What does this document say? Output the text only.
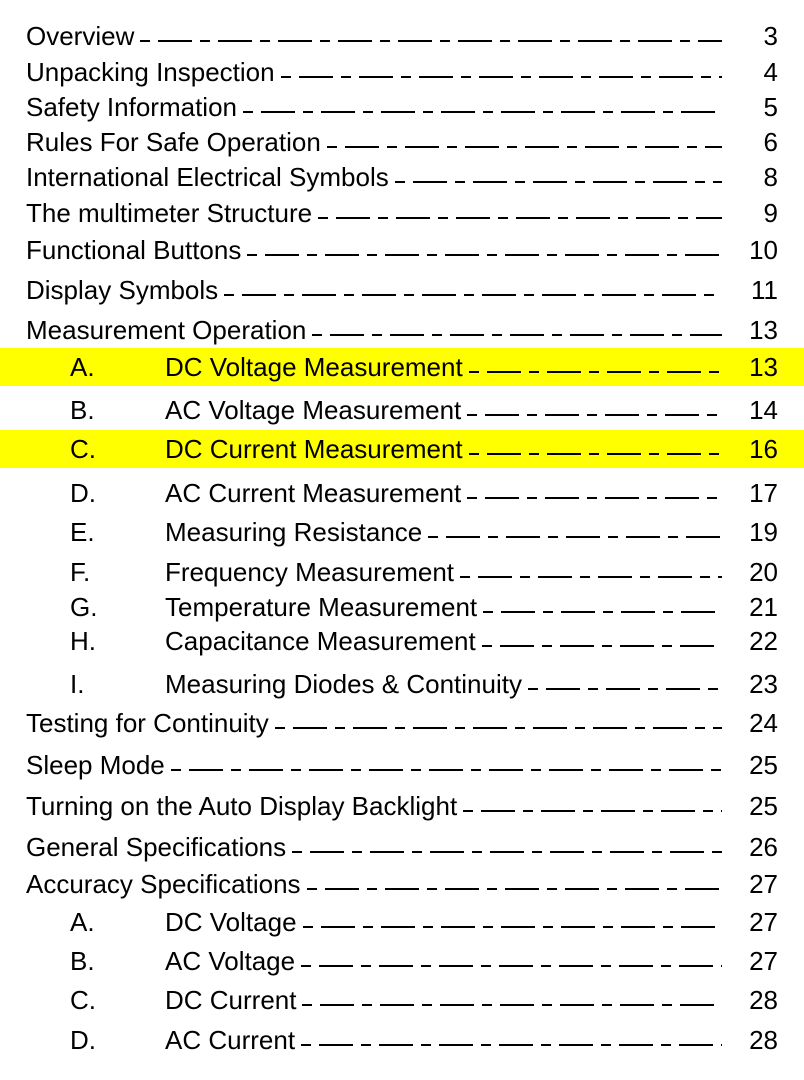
Overview	3
Unpacking Inspection	4
Safety Information	5
Rules For Safe Operation	6
International Electrical Symbols	8
The multimeter Structure	9
Functional Buttons	10
Display Symbols	11
Measurement Operation	13
A.	DC Voltage Measurement	13
B.	AC Voltage Measurement	14
C.	DC Current Measurement	16
D.	AC Current Measurement	17
E.	Measuring Resistance	19
F.	Frequency Measurement	20
G.	Temperature Measurement	21
H.	Capacitance Measurement	22
I.	Measuring Diodes & Continuity	23
Testing for Continuity	24
Sleep Mode	25
Turning on the Auto Display Backlight	25
General Specifications	26
Accuracy Specifications	27
A.	DC Voltage	27
B.	AC Voltage	27
C.	DC Current	28
D.	AC Current	28
